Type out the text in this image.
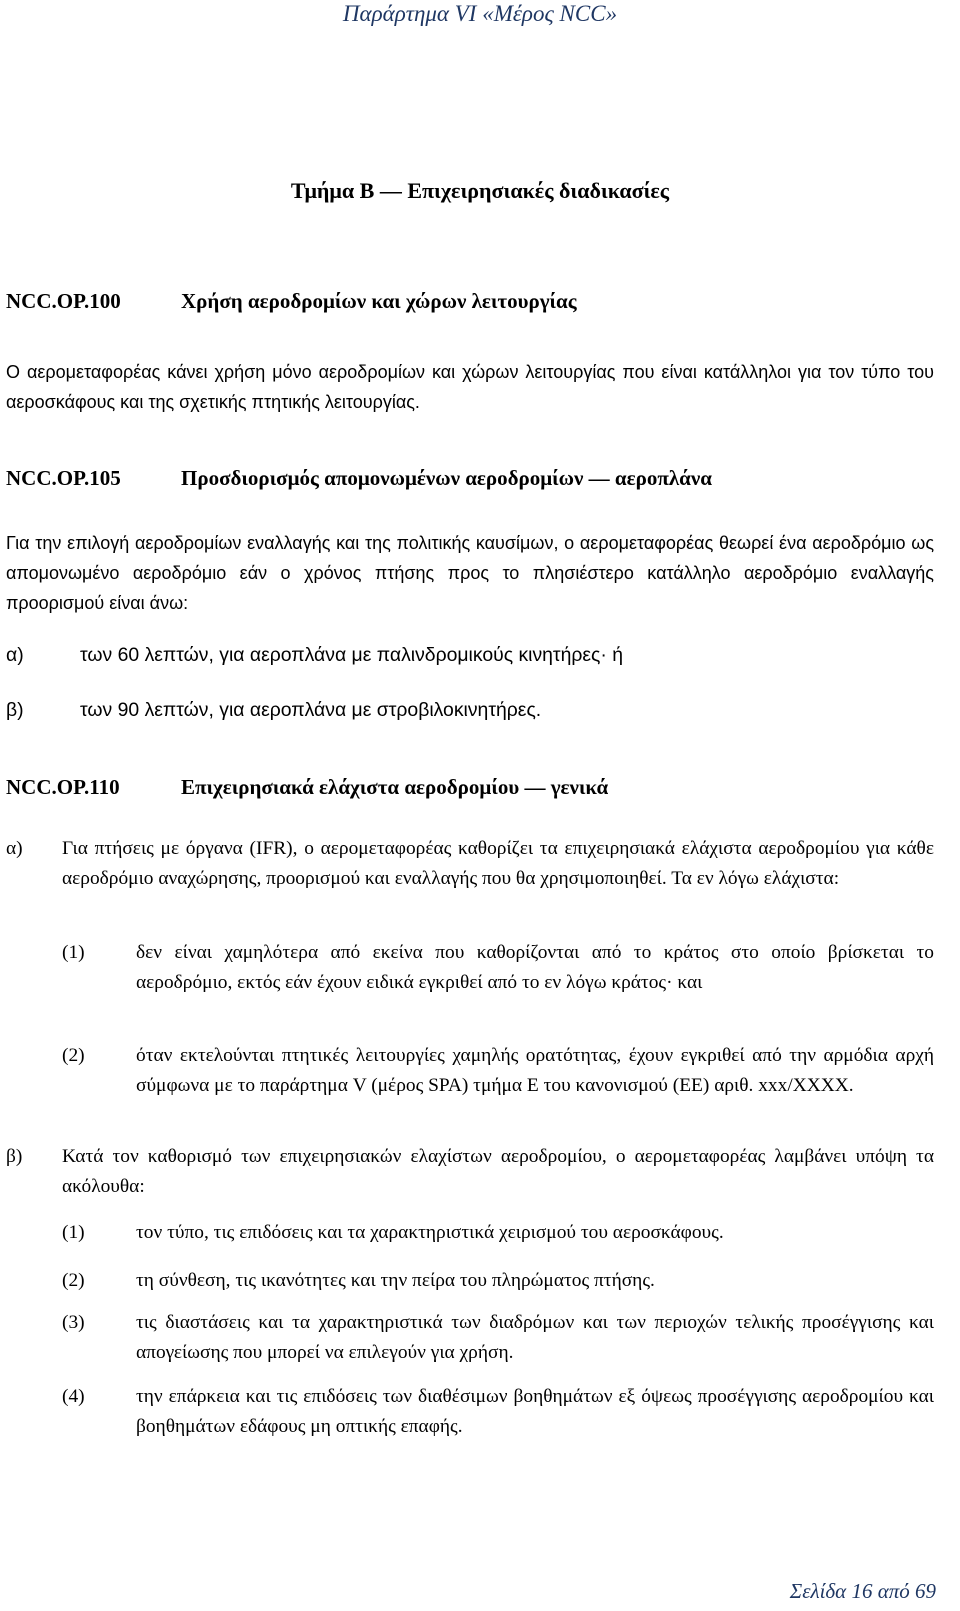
Παράρτημα VI «Μέρος NCC»
Τμήμα Β — Επιχειρησιακές διαδικασίες
NCC.OP.100	Χρήση αεροδρομίων και χώρων λειτουργίας
Ο αερομεταφορέας κάνει χρήση μόνο αεροδρομίων και χώρων λειτουργίας που είναι κατάλληλοι για τον τύπο του αεροσκάφους και της σχετικής πτητικής λειτουργίας.
NCC.OP.105	Προσδιορισμός απομονωμένων αεροδρομίων — αεροπλάνα
Για την επιλογή αεροδρομίων εναλλαγής και της πολιτικής καυσίμων, ο αερομεταφορέας θεωρεί ένα αεροδρόμιο ως απομονωμένο αεροδρόμιο εάν ο χρόνος πτήσης προς το πλησιέστερο κατάλληλο αεροδρόμιο εναλλαγής προορισμού είναι άνω:
α)	των 60 λεπτών, για αεροπλάνα με παλινδρομικούς κινητήρες· ή
β)	των 90 λεπτών, για αεροπλάνα με στροβιλοκινητήρες.
NCC.OP.110	Επιχειρησιακά ελάχιστα αεροδρομίου — γενικά
α) Για πτήσεις με όργανα (IFR), ο αερομεταφορέας καθορίζει τα επιχειρησιακά ελάχιστα αεροδρομίου για κάθε αεροδρόμιο αναχώρησης, προορισμού και εναλλαγής που θα χρησιμοποιηθεί. Τα εν λόγω ελάχιστα:
(1)	δεν είναι χαμηλότερα από εκείνα που καθορίζονται από το κράτος στο οποίο βρίσκεται το αεροδρόμιο, εκτός εάν έχουν ειδικά εγκριθεί από το εν λόγω κράτος· και
(2)	όταν εκτελούνται πτητικές λειτουργίες χαμηλής ορατότητας, έχουν εγκριθεί από την αρμόδια αρχή σύμφωνα με το παράρτημα V (μέρος SPA) τμήμα Ε του κανονισμού (ΕΕ) αριθ. xxx/XXXX.
β) Κατά τον καθορισμό των επιχειρησιακών ελαχίστων αεροδρομίου, ο αερομεταφορέας λαμβάνει υπόψη τα ακόλουθα:
(1)	τον τύπο, τις επιδόσεις και τα χαρακτηριστικά χειρισμού του αεροσκάφους.
(2)	τη σύνθεση, τις ικανότητες και την πείρα του πληρώματος πτήσης.
(3)	τις διαστάσεις και τα χαρακτηριστικά των διαδρόμων και των περιοχών τελικής προσέγγισης και απογείωσης που μπορεί να επιλεγούν για χρήση.
(4)	την επάρκεια και τις επιδόσεις των διαθέσιμων βοηθημάτων εξ όψεως προσέγγισης αεροδρομίου και βοηθημάτων εδάφους μη οπτικής επαφής.
Σελίδα 16 από 69
